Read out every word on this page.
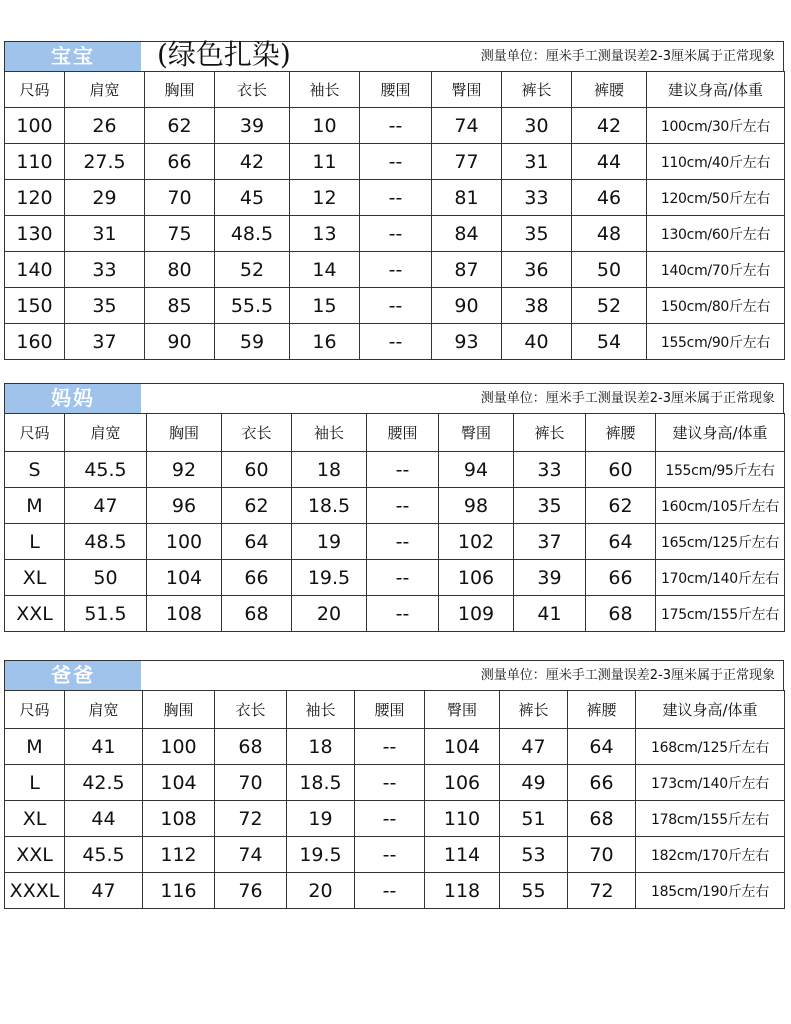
宝宝	(绿色扎染)	测量单位：厘米手工测量误差2-3厘米属于正常现象
尺码	肩宽	胸围	衣长	袖长	腰围	臀围	裤长	裤腰	建议身高/体重
100	26	62	39	10	--	74	30	42	100cm/30斤左右
110	27.5	66	42	11	--	77	31	44	110cm/40斤左右
120	29	70	45	12	--	81	33	46	120cm/50斤左右
130	31	75	48.5	13	--	84	35	48	130cm/60斤左右
140	33	80	52	14	--	87	36	50	140cm/70斤左右
150	35	85	55.5	15	--	90	38	52	150cm/80斤左右
160	37	90	59	16	--	93	40	54	155cm/90斤左右
妈妈	测量单位：厘米手工测量误差2-3厘米属于正常现象
尺码	肩宽	胸围	衣长	袖长	腰围	臀围	裤长	裤腰	建议身高/体重
S	45.5	92	60	18	--	94	33	60	155cm/95斤左右
M	47	96	62	18.5	--	98	35	62	160cm/105斤左右
L	48.5	100	64	19	--	102	37	64	165cm/125斤左右
XL	50	104	66	19.5	--	106	39	66	170cm/140斤左右
XXL	51.5	108	68	20	--	109	41	68	175cm/155斤左右
爸爸	测量单位：厘米手工测量误差2-3厘米属于正常现象
尺码	肩宽	胸围	衣长	袖长	腰围	臀围	裤长	裤腰	建议身高/体重
M	41	100	68	18	--	104	47	64	168cm/125斤左右
L	42.5	104	70	18.5	--	106	49	66	173cm/140斤左右
XL	44	108	72	19	--	110	51	68	178cm/155斤左右
XXL	45.5	112	74	19.5	--	114	53	70	182cm/170斤左右
XXXL	47	116	76	20	--	118	55	72	185cm/190斤左右
